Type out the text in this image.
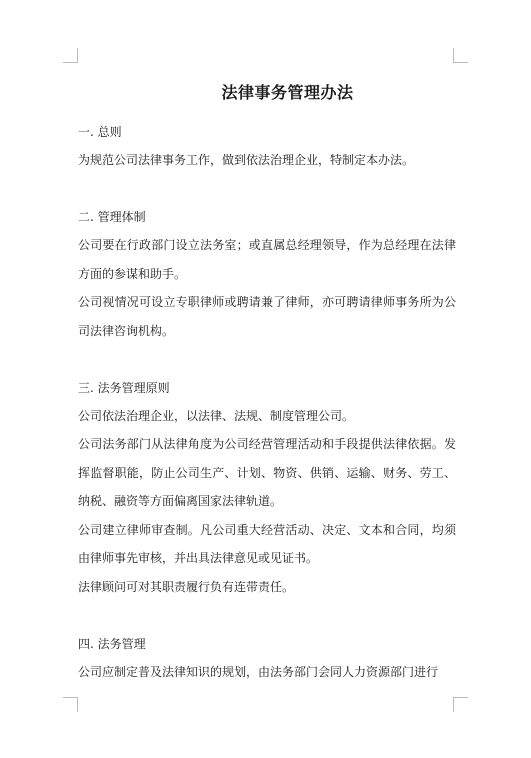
法律事务管理办法
一. 总则

为规范公司法律事务工作，做到依法治理企业，特制定本办法。

二. 管理体制

公司要在行政部门设立法务室；或直属总经理领导，作为总经理在法律方面的参谋和助手。

公司视情况可设立专职律师或聘请兼了律师，亦可聘请律师事务所为公司法律咨询机构。

三. 法务管理原则

公司依法治理企业，以法律、法规、制度管理公司。

公司法务部门从法律角度为公司经营管理活动和手段提供法律依据。发挥监督职能，防止公司生产、计划、物资、供销、运输、财务、劳工、纳税、融资等方面偏离国家法律轨道。

公司建立律师审查制。凡公司重大经营活动、决定、文本和合同，均须由律师事先审核，并出具法律意见或见证书。

法律顾问可对其职责履行负有连带责任。

四. 法务管理

公司应制定普及法律知识的规划，由法务部门会同人力资源部门进行
